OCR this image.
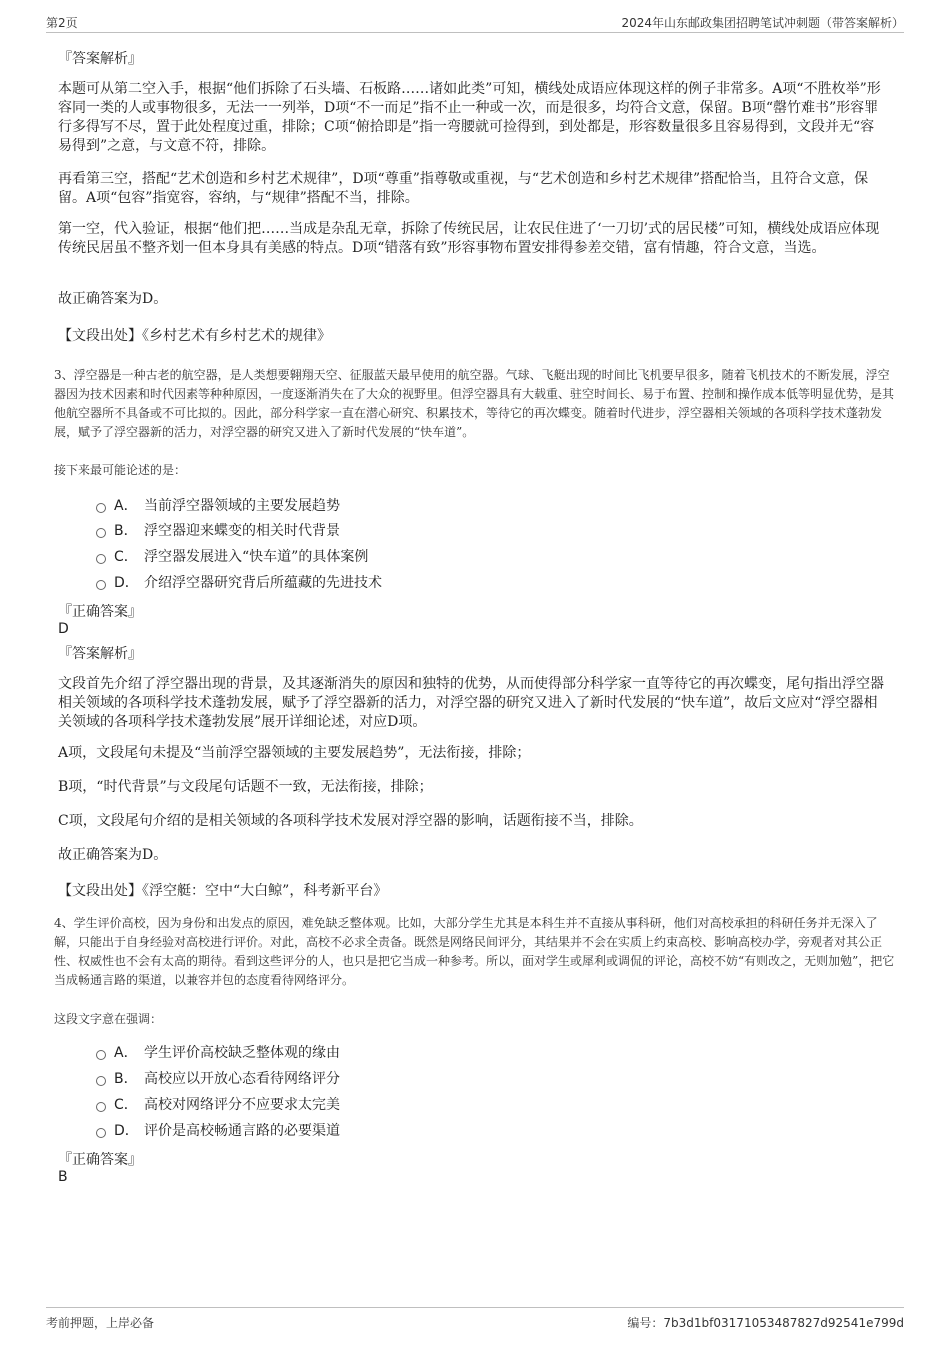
第2页	2024年山东邮政集团招聘笔试冲刺题（带答案解析）
『答案解析』
本题可从第二空入手，根据“他们拆除了石头墙、石板路……诸如此类”可知，横线处成语应体现这样的例子非常多。A项“不胜枚举”形容同一类的人或事物很多，无法一一列举，D项“不一而足”指不止一种或一次，而是很多，均符合文意，保留。B项“罄竹难书”形容罪行多得写不尽，置于此处程度过重，排除；C项“俯拾即是”指一弯腰就可捡得到，到处都是，形容数量很多且容易得到，文段并无“容易得到”之意，与文意不符，排除。
再看第三空，搭配“艺术创造和乡村艺术规律”，D项“尊重”指尊敬或重视，与“艺术创造和乡村艺术规律”搭配恰当，且符合文意，保留。A项“包容”指宽容，容纳，与“规律”搭配不当，排除。
第一空，代入验证，根据“他们把……当成是杂乱无章，拆除了传统民居，让农民住进了‘一刀切’式的居民楼”可知，横线处成语应体现传统民居虽不整齐划一但本身具有美感的特点。D项“错落有致”形容事物布置安排得参差交错，富有情趣，符合文意，当选。
故正确答案为D。
【文段出处】《乡村艺术有乡村艺术的规律》
3、浮空器是一种古老的航空器，是人类想要翱翔天空、征服蓝天最早使用的航空器。气球、飞艇出现的时间比飞机要早很多，随着飞机技术的不断发展，浮空器因为技术因素和时代因素等种种原因，一度逐渐消失在了大众的视野里。但浮空器具有大载重、驻空时间长、易于布置、控制和操作成本低等明显优势，是其他航空器所不具备或不可比拟的。因此，部分科学家一直在潜心研究、积累技术，等待它的再次蝶变。随着时代进步，浮空器相关领域的各项科学技术蓬勃发展，赋予了浮空器新的活力，对浮空器的研究又进入了新时代发展的“快车道”。
接下来最可能论述的是：
A． 当前浮空器领域的主要发展趋势
B． 浮空器迎来蝶变的相关时代背景
C． 浮空器发展进入“快车道”的具体案例
D． 介绍浮空器研究背后所蕴藏的先进技术
『正确答案』
D
『答案解析』
文段首先介绍了浮空器出现的背景，及其逐渐消失的原因和独特的优势，从而使得部分科学家一直等待它的再次蝶变，尾句指出浮空器相关领域的各项科学技术蓬勃发展，赋予了浮空器新的活力，对浮空器的研究又进入了新时代发展的“快车道”，故后文应对“浮空器相关领域的各项科学技术蓬勃发展”展开详细论述，对应D项。
A项，文段尾句未提及“当前浮空器领域的主要发展趋势”，无法衔接，排除；
B项，“时代背景”与文段尾句话题不一致，无法衔接，排除；
C项，文段尾句介绍的是相关领域的各项科学技术发展对浮空器的影响，话题衔接不当，排除。
故正确答案为D。
【文段出处】《浮空艇：空中“大白鲸”，科考新平台》
4、学生评价高校，因为身份和出发点的原因，难免缺乏整体观。比如，大部分学生尤其是本科生并不直接从事科研，他们对高校承担的科研任务并无深入了解，只能出于自身经验对高校进行评价。对此，高校不必求全责备。既然是网络民间评分，其结果并不会在实质上约束高校、影响高校办学，旁观者对其公正性、权威性也不会有太高的期待。看到这些评分的人，也只是把它当成一种参考。所以，面对学生或犀利或调侃的评论，高校不妨“有则改之，无则加勉”，把它当成畅通言路的渠道，以兼容并包的态度看待网络评分。
这段文字意在强调：
A． 学生评价高校缺乏整体观的缘由
B． 高校应以开放心态看待网络评分
C． 高校对网络评分不应要求太完美
D． 评价是高校畅通言路的必要渠道
『正确答案』
B
考前押题，上岸必备	编号：7b3d1bf03171053487827d92541e799d
